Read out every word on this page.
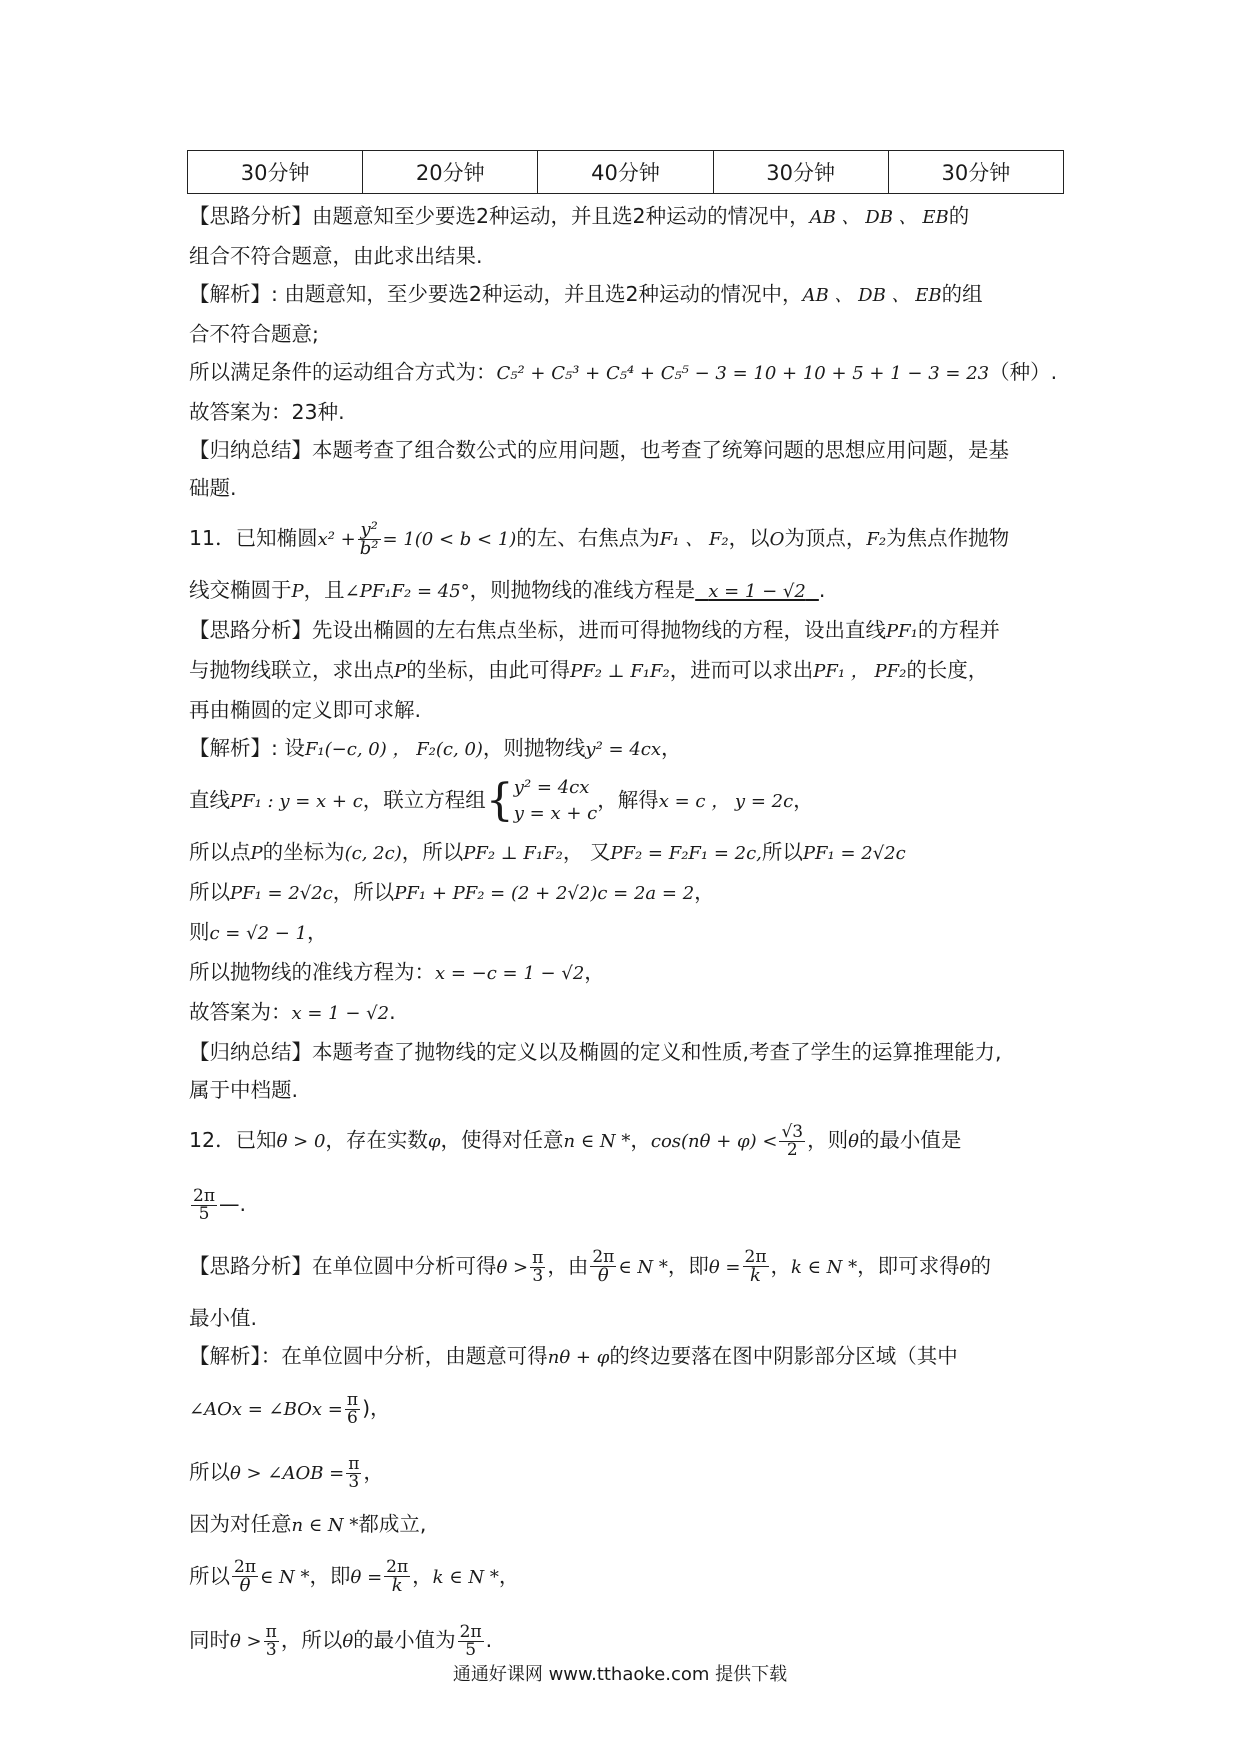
30分钟	20分钟	40分钟	30分钟	30分钟

【思路分析】由题意知至少要选2种运动，并且选2种运动的情况中，AB 、 DB 、 EB的

组合不符合题意，由此求出结果.

【解析】: 由题意知，至少要选2种运动，并且选2种运动的情况中，AB 、 DB 、 EB的组

合不符合题意;

所以满足条件的运动组合方式为：C₅² + C₅³ + C₅⁴ + C₅⁵ − 3 = 10 + 10 + 5 + 1 − 3 = 23（种）.

故答案为：23种.

【归纳总结】本题考查了组合数公式的应用问题，也考查了统筹问题的思想应用问题，是基

础题.

11．已知椭圆$x^2 + \frac{\text{y²}}{\text{b²}} = 1(0 < b < 1)$的左、右焦点为F₁ 、 F₂，以O为顶点，F₂为焦点作抛物

线交椭圆于P，且∠PF₁F₂ = 45°，则抛物线的准线方程是 x = 1 − √2 .

【思路分析】先设出椭圆的左右焦点坐标，进而可得抛物线的方程，设出直线PF₁的方程并

与抛物线联立，求出点P的坐标，由此可得PF₂ ⊥ F₁F₂，进而可以求出PF₁ ， PF₂的长度，

再由椭圆的定义即可求解.

【解析】: 设F₁(−c, 0) ， F₂(c, 0)，则抛物线y² = 4cx，

直线PF₁ : y = x + c，联立方程组{y² = 4cx
y = x + c，解得x = c ， y = 2c，

所以点P的坐标为(c, 2c)，所以PF₂ ⊥ F₁F₂， 又PF₂ = F₂F₁ = 2c,所以PF₁ = 2√2c

所以PF₁ = 2√2c，所以PF₁ + PF₂ = (2 + 2√2)c = 2a = 2，

则c = √2 − 1，

所以抛物线的准线方程为：x = −c = 1 − √2，

故答案为：x = 1 − √2.

【归纳总结】本题考查了抛物线的定义以及椭圆的定义和性质,考查了学生的运算推理能力,

属于中档题.

12．已知θ > 0，存在实数φ，使得对任意n ∈ N *，$\cos(n\theta + \varphi) < \frac{√3}{2}$ ，则θ的最小值是

$\frac{2\pi}{5}$ —.

【思路分析】在单位圆中分析可得$\theta > \frac{\pi}{3}$ ，由 $\frac{2\pi}{\theta}$ ∈ N *，即$\theta = \frac{2\pi}{k}$ ，k ∈ N *，即可求得θ的

最小值.

【解析】：在单位圆中分析，由题意可得nθ + φ的终边要落在图中阴影部分区域（其中

∠AOx = ∠BOx = $\frac{\pi}{6}$ )，

所以θ > ∠AOB = $\frac{\pi}{3}$ ，

因为对任意n ∈ N *都成立,

所以 $\frac{2\pi}{\theta}$ ∈ N *，即$\theta = \frac{2\pi}{k}$ ，k ∈ N *，

同时$\theta > \frac{\pi}{3}$ ，所以θ的最小值为 $\frac{2\pi}{5}$ .

通通好课网 www.tthaoke.com 提供下载
